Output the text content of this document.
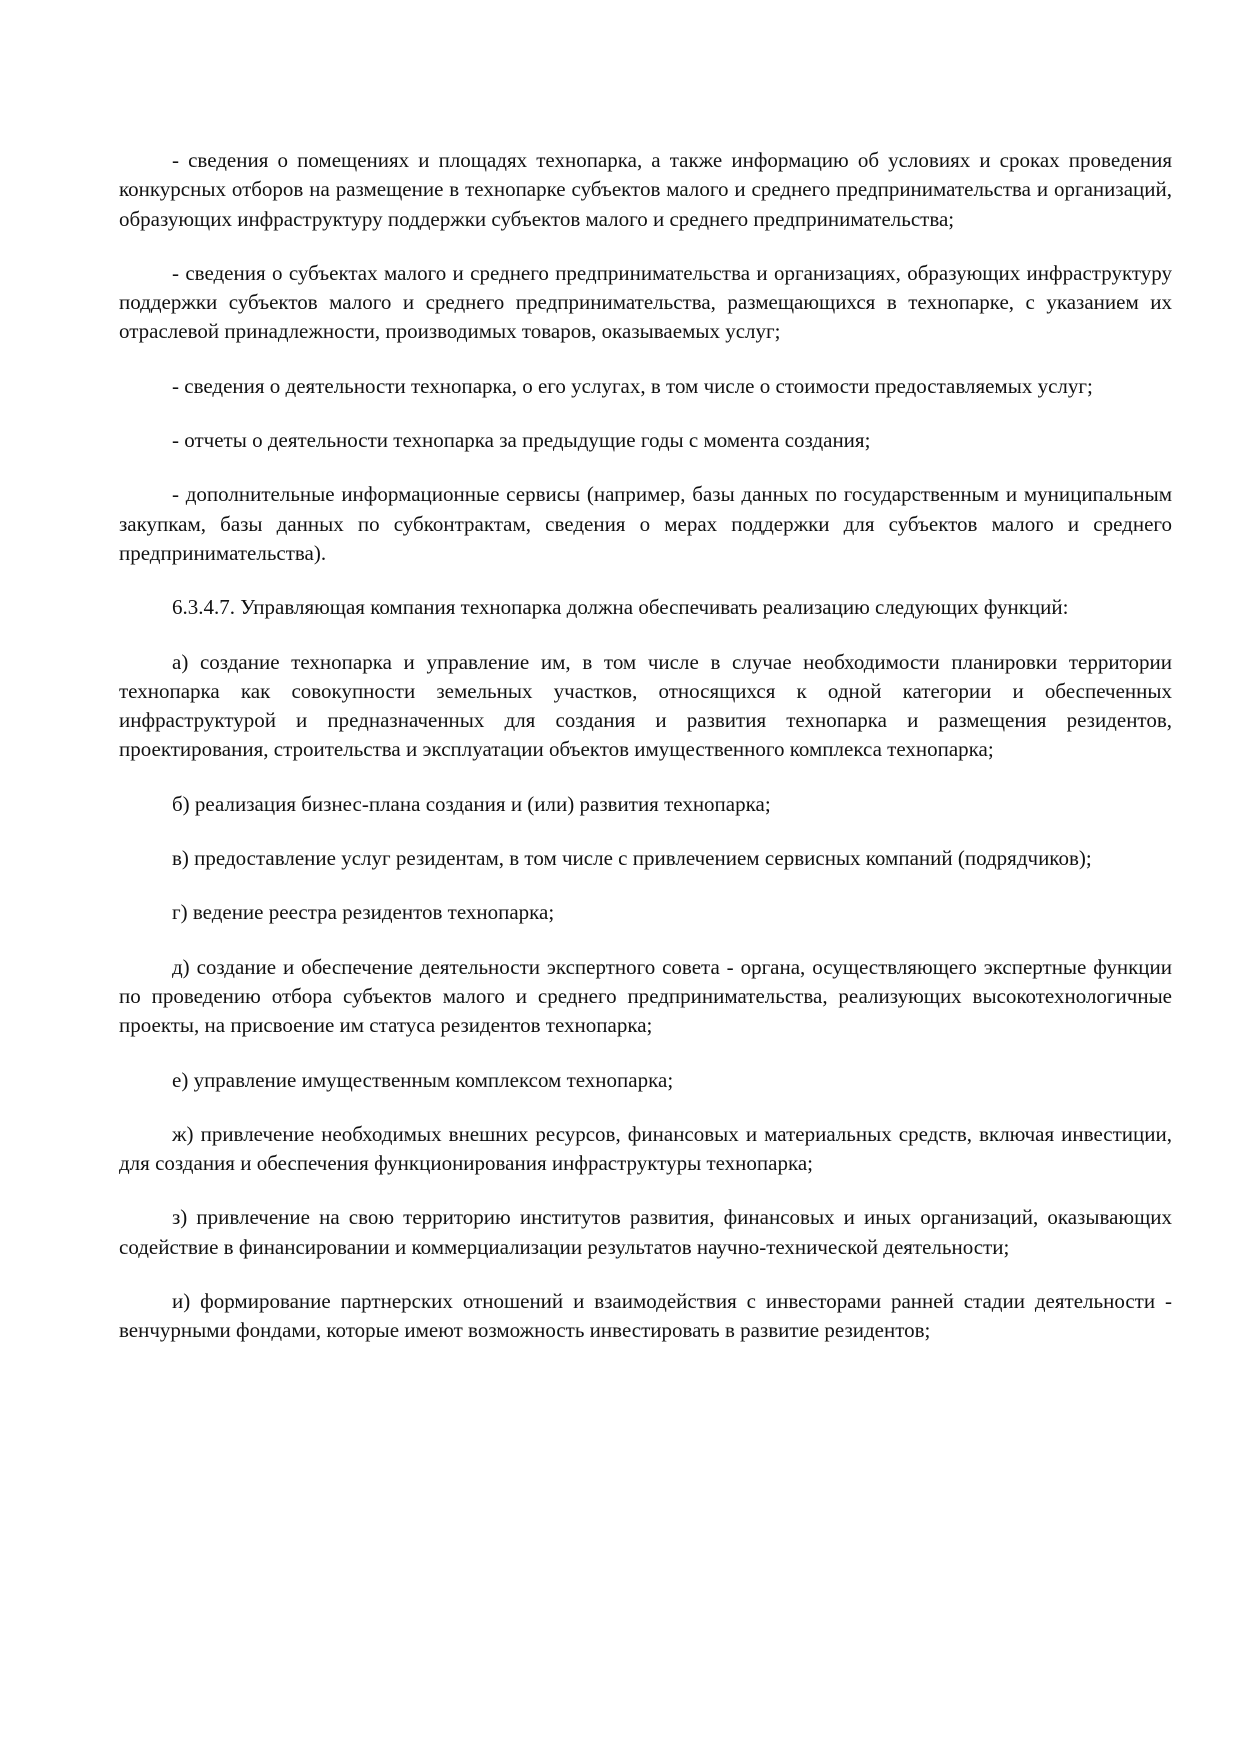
- сведения о помещениях и площадях технопарка, а также информацию об условиях и сроках проведения конкурсных отборов на размещение в технопарке субъектов малого и среднего предпринимательства и организаций, образующих инфраструктуру поддержки субъектов малого и среднего предпринимательства;

- сведения о субъектах малого и среднего предпринимательства и организациях, образующих инфраструктуру поддержки субъектов малого и среднего предпринимательства, размещающихся в технопарке, с указанием их отраслевой принадлежности, производимых товаров, оказываемых услуг;

- сведения о деятельности технопарка, о его услугах, в том числе о стоимости предоставляемых услуг;

- отчеты о деятельности технопарка за предыдущие годы с момента создания;

- дополнительные информационные сервисы (например, базы данных по государственным и муниципальным закупкам, базы данных по субконтрактам, сведения о мерах поддержки для субъектов малого и среднего предпринимательства).

6.3.4.7. Управляющая компания технопарка должна обеспечивать реализацию следующих функций:

а) создание технопарка и управление им, в том числе в случае необходимости планировки территории технопарка как совокупности земельных участков, относящихся к одной категории и обеспеченных инфраструктурой и предназначенных для создания и развития технопарка и размещения резидентов, проектирования, строительства и эксплуатации объектов имущественного комплекса технопарка;

б) реализация бизнес-плана создания и (или) развития технопарка;

в) предоставление услуг резидентам, в том числе с привлечением сервисных компаний (подрядчиков);

г) ведение реестра резидентов технопарка;

д) создание и обеспечение деятельности экспертного совета - органа, осуществляющего экспертные функции по проведению отбора субъектов малого и среднего предпринимательства, реализующих высокотехнологичные проекты, на присвоение им статуса резидентов технопарка;

е) управление имущественным комплексом технопарка;

ж) привлечение необходимых внешних ресурсов, финансовых и материальных средств, включая инвестиции, для создания и обеспечения функционирования инфраструктуры технопарка;

з) привлечение на свою территорию институтов развития, финансовых и иных организаций, оказывающих содействие в финансировании и коммерциализации результатов научно-технической деятельности;

и) формирование партнерских отношений и взаимодействия с инвесторами ранней стадии деятельности - венчурными фондами, которые имеют возможность инвестировать в развитие резидентов;
